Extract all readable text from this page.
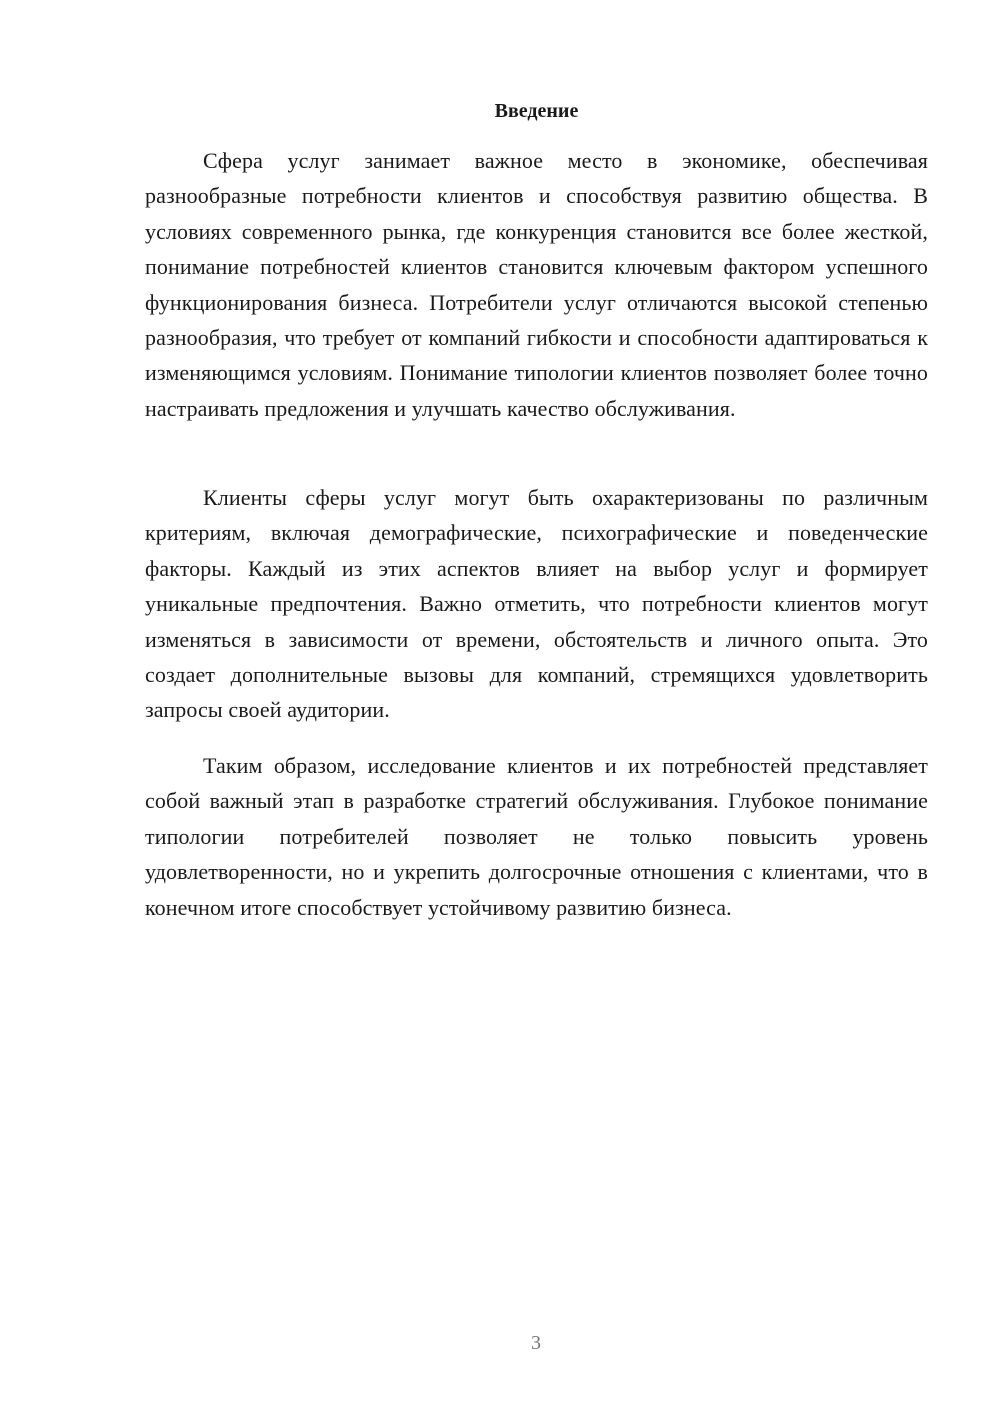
Введение

Сфера услуг занимает важное место в экономике, обеспечивая разнообразные потребности клиентов и способствуя развитию общества. В условиях современного рынка, где конкуренция становится все более жесткой, понимание потребностей клиентов становится ключевым фактором успешного функционирования бизнеса. Потребители услуг отличаются высокой степенью разнообразия, что требует от компаний гибкости и способности адаптироваться к изменяющимся условиям. Понимание типологии клиентов позволяет более точно настраивать предложения и улучшать качество обслуживания.

Клиенты сферы услуг могут быть охарактеризованы по различным критериям, включая демографические, психографические и поведенческие факторы. Каждый из этих аспектов влияет на выбор услуг и формирует уникальные предпочтения. Важно отметить, что потребности клиентов могут изменяться в зависимости от времени, обстоятельств и личного опыта. Это создает дополнительные вызовы для компаний, стремящихся удовлетворить запросы своей аудитории.

Таким образом, исследование клиентов и их потребностей представляет собой важный этап в разработке стратегий обслуживания. Глубокое понимание типологии потребителей позволяет не только повысить уровень удовлетворенности, но и укрепить долгосрочные отношения с клиентами, что в конечном итоге способствует устойчивому развитию бизнеса.

3
